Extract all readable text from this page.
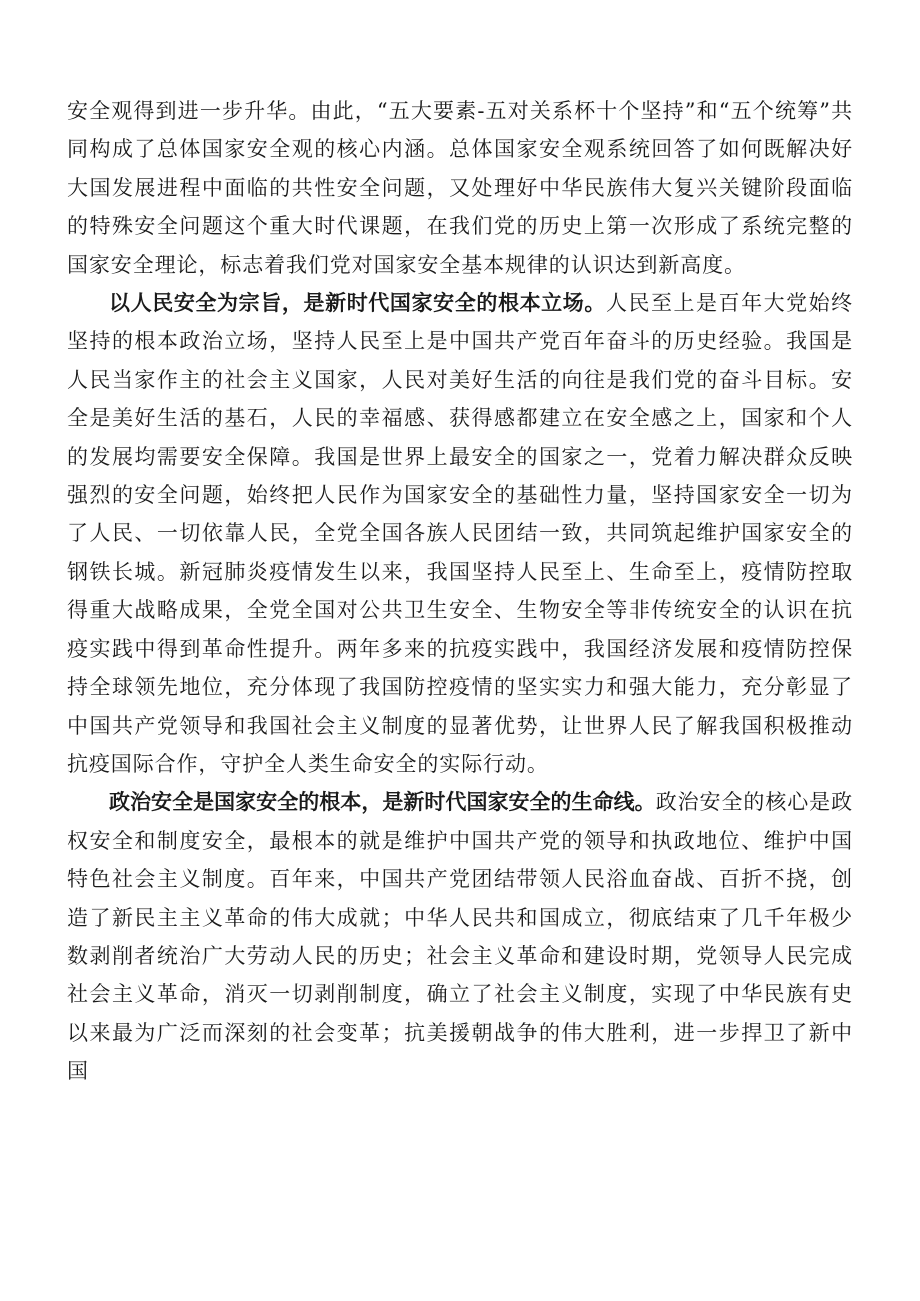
安全观得到进一步升华。由此，“五大要素-五对关系杯十个坚持”和“五个统筹”共同构成了总体国家安全观的核心内涵。总体国家安全观系统回答了如何既解决好大国发展进程中面临的共性安全问题，又处理好中华民族伟大复兴关键阶段面临的特殊安全问题这个重大时代课题，在我们党的历史上第一次形成了系统完整的国家安全理论，标志着我们党对国家安全基本规律的认识达到新高度。

以人民安全为宗旨，是新时代国家安全的根本立场。人民至上是百年大党始终坚持的根本政治立场，坚持人民至上是中国共产党百年奋斗的历史经验。我国是人民当家作主的社会主义国家，人民对美好生活的向往是我们党的奋斗目标。安全是美好生活的基石，人民的幸福感、获得感都建立在安全感之上，国家和个人的发展均需要安全保障。我国是世界上最安全的国家之一，党着力解决群众反映强烈的安全问题，始终把人民作为国家安全的基础性力量，坚持国家安全一切为了人民、一切依靠人民，全党全国各族人民团结一致，共同筑起维护国家安全的钢铁长城。新冠肺炎疫情发生以来，我国坚持人民至上、生命至上，疫情防控取得重大战略成果，全党全国对公共卫生安全、生物安全等非传统安全的认识在抗疫实践中得到革命性提升。两年多来的抗疫实践中，我国经济发展和疫情防控保持全球领先地位，充分体现了我国防控疫情的坚实实力和强大能力，充分彰显了中国共产党领导和我国社会主义制度的显著优势，让世界人民了解我国积极推动抗疫国际合作，守护全人类生命安全的实际行动。

政治安全是国家安全的根本，是新时代国家安全的生命线。政治安全的核心是政权安全和制度安全，最根本的就是维护中国共产党的领导和执政地位、维护中国特色社会主义制度。百年来，中国共产党团结带领人民浴血奋战、百折不挠，创造了新民主主义革命的伟大成就；中华人民共和国成立，彻底结束了几千年极少数剥削者统治广大劳动人民的历史；社会主义革命和建设时期，党领导人民完成社会主义革命，消灭一切剥削制度，确立了社会主义制度，实现了中华民族有史以来最为广泛而深刻的社会变革；抗美援朝战争的伟大胜利，进一步捍卫了新中国
